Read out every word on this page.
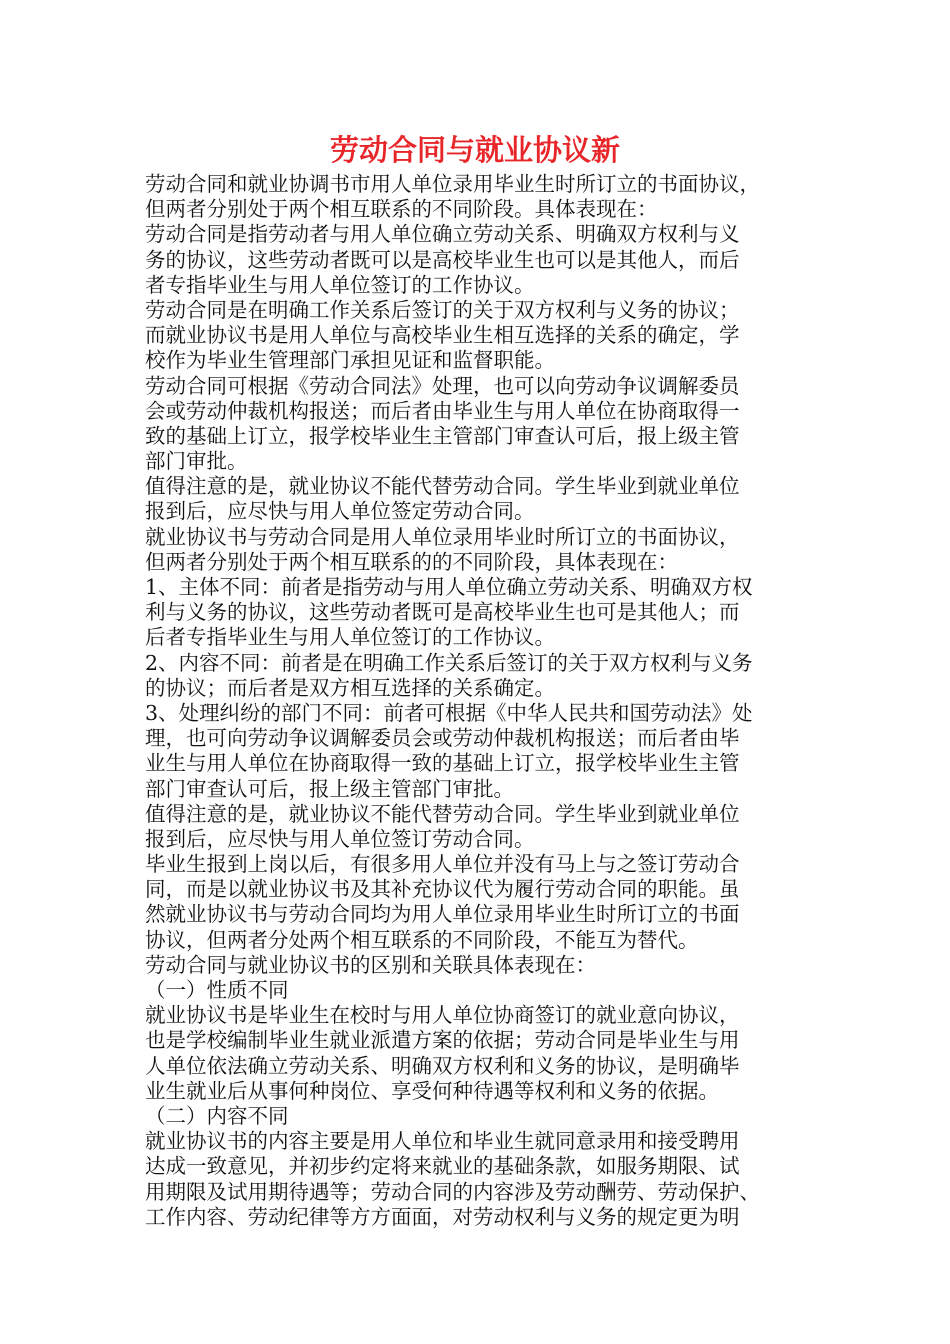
劳动合同与就业协议新
劳动合同和就业协调书市用人单位录用毕业生时所订立的书面协议，
但两者分别处于两个相互联系的不同阶段。具体表现在：
劳动合同是指劳动者与用人单位确立劳动关系、明确双方权利与义
务的协议，这些劳动者既可以是高校毕业生也可以是其他人，而后
者专指毕业生与用人单位签订的工作协议。
劳动合同是在明确工作关系后签订的关于双方权利与义务的协议；
而就业协议书是用人单位与高校毕业生相互选择的关系的确定，学
校作为毕业生管理部门承担见证和监督职能。
劳动合同可根据《劳动合同法》处理，也可以向劳动争议调解委员
会或劳动仲裁机构报送；而后者由毕业生与用人单位在协商取得一
致的基础上订立，报学校毕业生主管部门审查认可后，报上级主管
部门审批。
值得注意的是，就业协议不能代替劳动合同。学生毕业到就业单位
报到后，应尽快与用人单位签定劳动合同。
就业协议书与劳动合同是用人单位录用毕业时所订立的书面协议，
但两者分别处于两个相互联系的的不同阶段，具体表现在：
1、主体不同：前者是指劳动与用人单位确立劳动关系、明确双方权
利与义务的协议，这些劳动者既可是高校毕业生也可是其他人；而
后者专指毕业生与用人单位签订的工作协议。
2、内容不同：前者是在明确工作关系后签订的关于双方权利与义务
的协议；而后者是双方相互选择的关系确定。
3、处理纠纷的部门不同：前者可根据《中华人民共和国劳动法》处
理，也可向劳动争议调解委员会或劳动仲裁机构报送；而后者由毕
业生与用人单位在协商取得一致的基础上订立，报学校毕业生主管
部门审查认可后，报上级主管部门审批。
值得注意的是，就业协议不能代替劳动合同。学生毕业到就业单位
报到后，应尽快与用人单位签订劳动合同。
毕业生报到上岗以后，有很多用人单位并没有马上与之签订劳动合
同，而是以就业协议书及其补充协议代为履行劳动合同的职能。虽
然就业协议书与劳动合同均为用人单位录用毕业生时所订立的书面
协议，但两者分处两个相互联系的不同阶段，不能互为替代。
劳动合同与就业协议书的区别和关联具体表现在：
（一）性质不同
就业协议书是毕业生在校时与用人单位协商签订的就业意向协议，
也是学校编制毕业生就业派遣方案的依据；劳动合同是毕业生与用
人单位依法确立劳动关系、明确双方权利和义务的协议，是明确毕
业生就业后从事何种岗位、享受何种待遇等权利和义务的依据。
（二）内容不同
就业协议书的内容主要是用人单位和毕业生就同意录用和接受聘用
达成一致意见，并初步约定将来就业的基础条款，如服务期限、试
用期限及试用期待遇等；劳动合同的内容涉及劳动酬劳、劳动保护、
工作内容、劳动纪律等方方面面，对劳动权利与义务的规定更为明
